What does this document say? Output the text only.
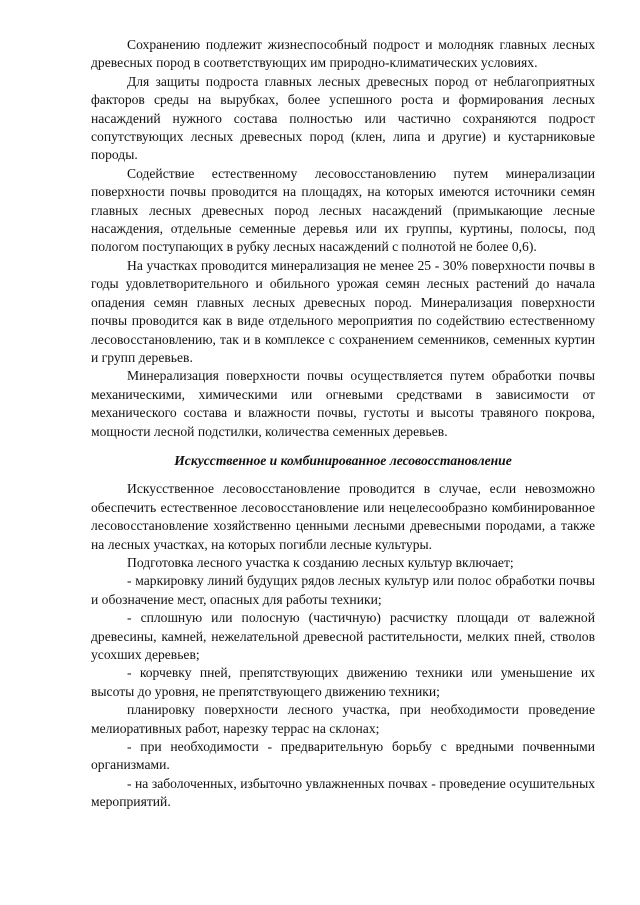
Сохранению подлежит жизнеспособный подрост и молодняк главных лесных древесных пород в соответствующих им природно-климатических условиях.

Для защиты подроста главных лесных древесных пород от неблагоприятных факторов среды на вырубках, более успешного роста и формирования лесных насаждений нужного состава полностью или частично сохраняются подрост сопутствующих лесных древесных пород (клен, липа и другие) и кустарниковые породы.

Содействие естественному лесовосстановлению путем минерализации поверхности почвы проводится на площадях, на которых имеются источники семян главных лесных древесных пород лесных насаждений (примыкающие лесные насаждения, отдельные семенные деревья или их группы, куртины, полосы, под пологом поступающих в рубку лесных насаждений с полнотой не более 0,6).

На участках проводится минерализация не менее 25 - 30% поверхности почвы в годы удовлетворительного и обильного урожая семян лесных растений до начала опадения семян главных лесных древесных пород. Минерализация поверхности почвы проводится как в виде отдельного мероприятия по содействию естественному лесовосстановлению, так и в комплексе с сохранением семенников, семенных куртин и групп деревьев.

Минерализация поверхности почвы осуществляется путем обработки почвы механическими, химическими или огневыми средствами в зависимости от механического состава и влажности почвы, густоты и высоты травяного покрова, мощности лесной подстилки, количества семенных деревьев.

Искусственное и комбинированное лесовосстановление

Искусственное лесовосстановление проводится в случае, если невозможно обеспечить естественное лесовосстановление или нецелесообразно комбинированное лесовосстановление хозяйственно ценными лесными древесными породами, а также на лесных участках, на которых погибли лесные культуры.

Подготовка лесного участка к созданию лесных культур включает;

- маркировку линий будущих рядов лесных культур или полос обработки почвы и обозначение мест, опасных для работы техники;

- сплошную или полосную (частичную) расчистку площади от валежной древесины, камней, нежелательной древесной растительности, мелких пней, стволов усохших деревьев;

- корчевку пней, препятствующих движению техники или уменьшение их высоты до уровня, не препятствующего движению техники;

планировку поверхности лесного участка, при необходимости проведение мелиоративных работ, нарезку террас на склонах;

- при необходимости - предварительную борьбу с вредными почвенными организмами.

- на заболоченных, избыточно увлажненных почвах - проведение осушительных мероприятий.
